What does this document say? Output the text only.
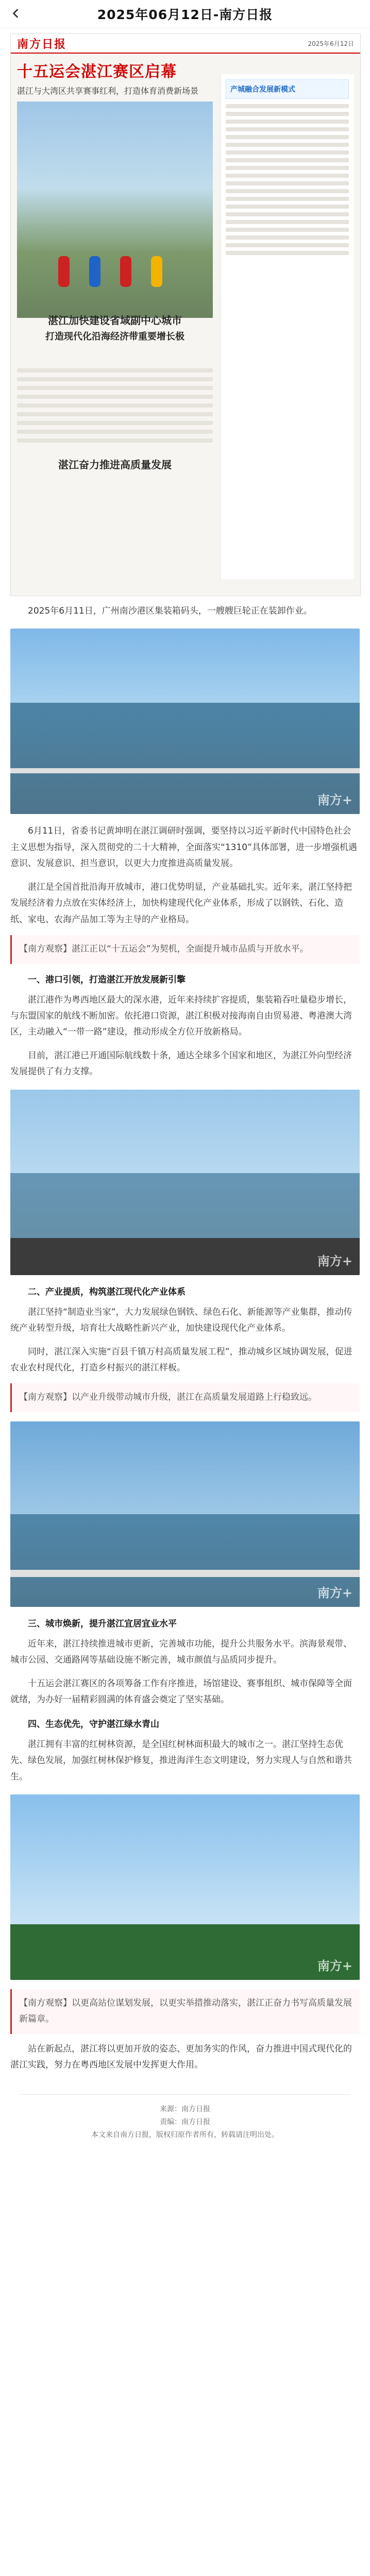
2025年06月12日-南方日报
南方日报	2025年6月12日
十五运会湛江赛区启幕
湛江与大湾区共享赛事红利，打造体育消费新场景	产城融合发展新模式
湛江加快建设省域副中心城市
打造现代化沿海经济带重要增长极
湛江奋力推进高质量发展
2025年6月11日，广州南沙港区集装箱码头，一艘艘巨轮正在装卸作业。
南方+
6月11日，省委书记黄坤明在湛江调研时强调，要坚持以习近平新时代中国特色社会主义思想为指导，深入贯彻党的二十大精神，全面落实“1310”具体部署，进一步增强机遇意识、发展意识、担当意识，以更大力度推进高质量发展。
湛江是全国首批沿海开放城市，港口优势明显，产业基础扎实。近年来，湛江坚持把发展经济着力点放在实体经济上，加快构建现代化产业体系，形成了以钢铁、石化、造纸、家电、农海产品加工等为主导的产业格局。
【南方观察】湛江正以“十五运会”为契机，全面提升城市品质与开放水平。
一、港口引领，打造湛江开放发展新引擎
湛江港作为粤西地区最大的深水港，近年来持续扩容提质，集装箱吞吐量稳步增长，与东盟国家的航线不断加密。依托港口资源，湛江积极对接海南自由贸易港、粤港澳大湾区，主动融入“一带一路”建设，推动形成全方位开放新格局。
目前，湛江港已开通国际航线数十条，通达全球多个国家和地区，为湛江外向型经济发展提供了有力支撑。
南方+
二、产业提质，构筑湛江现代化产业体系
湛江坚持“制造业当家”，大力发展绿色钢铁、绿色石化、新能源等产业集群，推动传统产业转型升级，培育壮大战略性新兴产业，加快建设现代化产业体系。
同时，湛江深入实施“百县千镇万村高质量发展工程”，推动城乡区域协调发展，促进农业农村现代化，打造乡村振兴的湛江样板。
【南方观察】以产业升级带动城市升级，湛江在高质量发展道路上行稳致远。
南方+
三、城市焕新，提升湛江宜居宜业水平
近年来，湛江持续推进城市更新，完善城市功能，提升公共服务水平。滨海景观带、城市公园、交通路网等基础设施不断完善，城市颜值与品质同步提升。
十五运会湛江赛区的各项筹备工作有序推进，场馆建设、赛事组织、城市保障等全面就绪，为办好一届精彩圆满的体育盛会奠定了坚实基础。
四、生态优先，守护湛江绿水青山
湛江拥有丰富的红树林资源，是全国红树林面积最大的城市之一。湛江坚持生态优先、绿色发展，加强红树林保护修复，推进海洋生态文明建设，努力实现人与自然和谐共生。
南方+
【南方观察】以更高站位谋划发展，以更实举措推动落实，湛江正奋力书写高质量发展新篇章。
站在新起点，湛江将以更加开放的姿态、更加务实的作风，奋力推进中国式现代化的湛江实践，努力在粤西地区发展中发挥更大作用。
来源：南方日报
责编：南方日报
本文来自南方日报，版权归原作者所有，转载请注明出处。
